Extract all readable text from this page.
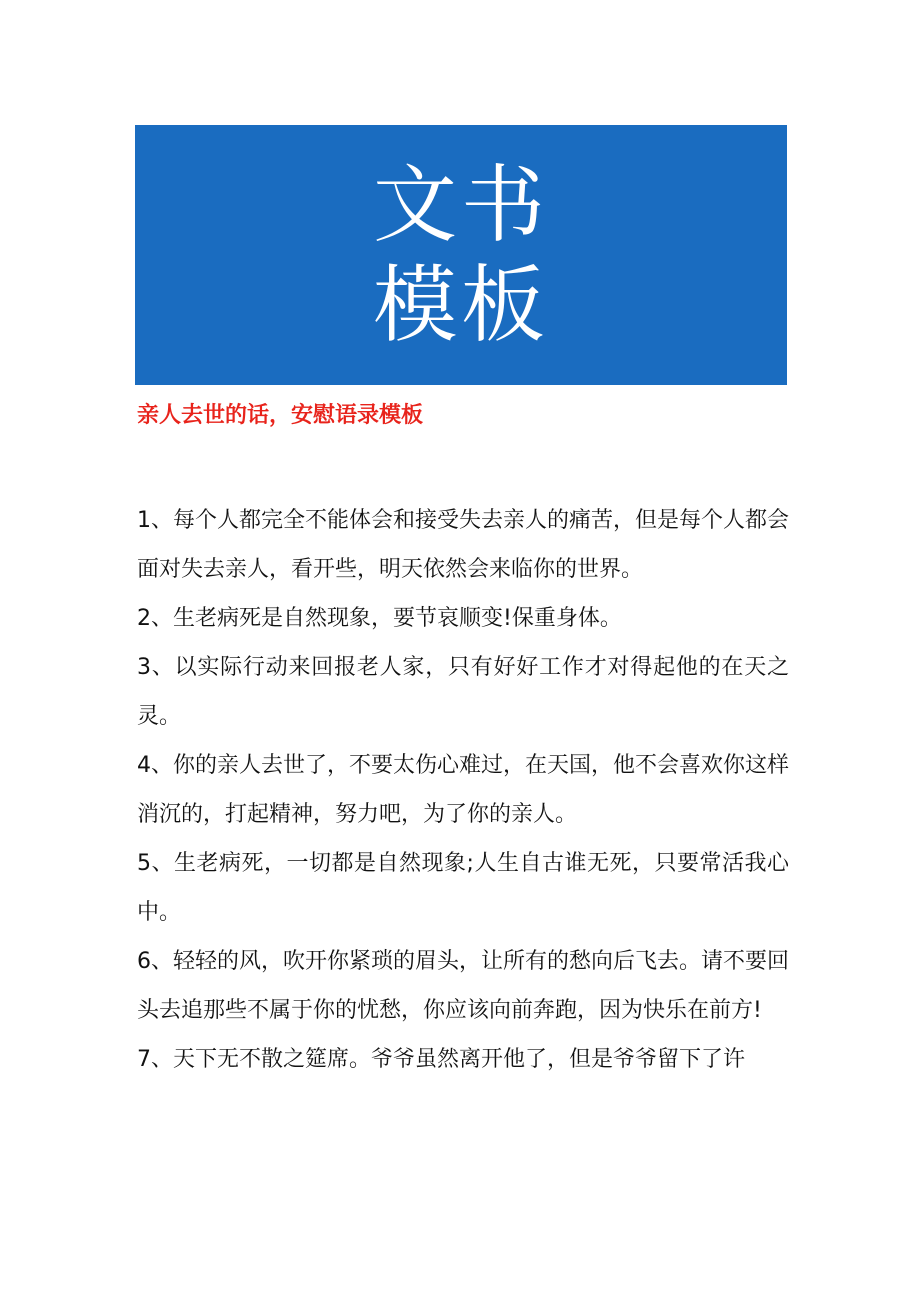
文书
模板
亲人去世的话，安慰语录模板
1、每个人都完全不能体会和接受失去亲人的痛苦，但是每个人都会面对失去亲人，看开些，明天依然会来临你的世界。
2、生老病死是自然现象，要节哀顺变!保重身体。
3、以实际行动来回报老人家，只有好好工作才对得起他的在天之灵。
4、你的亲人去世了，不要太伤心难过，在天国，他不会喜欢你这样消沉的，打起精神，努力吧，为了你的亲人。
5、生老病死，一切都是自然现象;人生自古谁无死，只要常活我心中。
6、轻轻的风，吹开你紧琐的眉头，让所有的愁向后飞去。请不要回头去追那些不属于你的忧愁，你应该向前奔跑，因为快乐在前方!
7、天下无不散之筵席。爷爷虽然离开他了，但是爷爷留下了许
